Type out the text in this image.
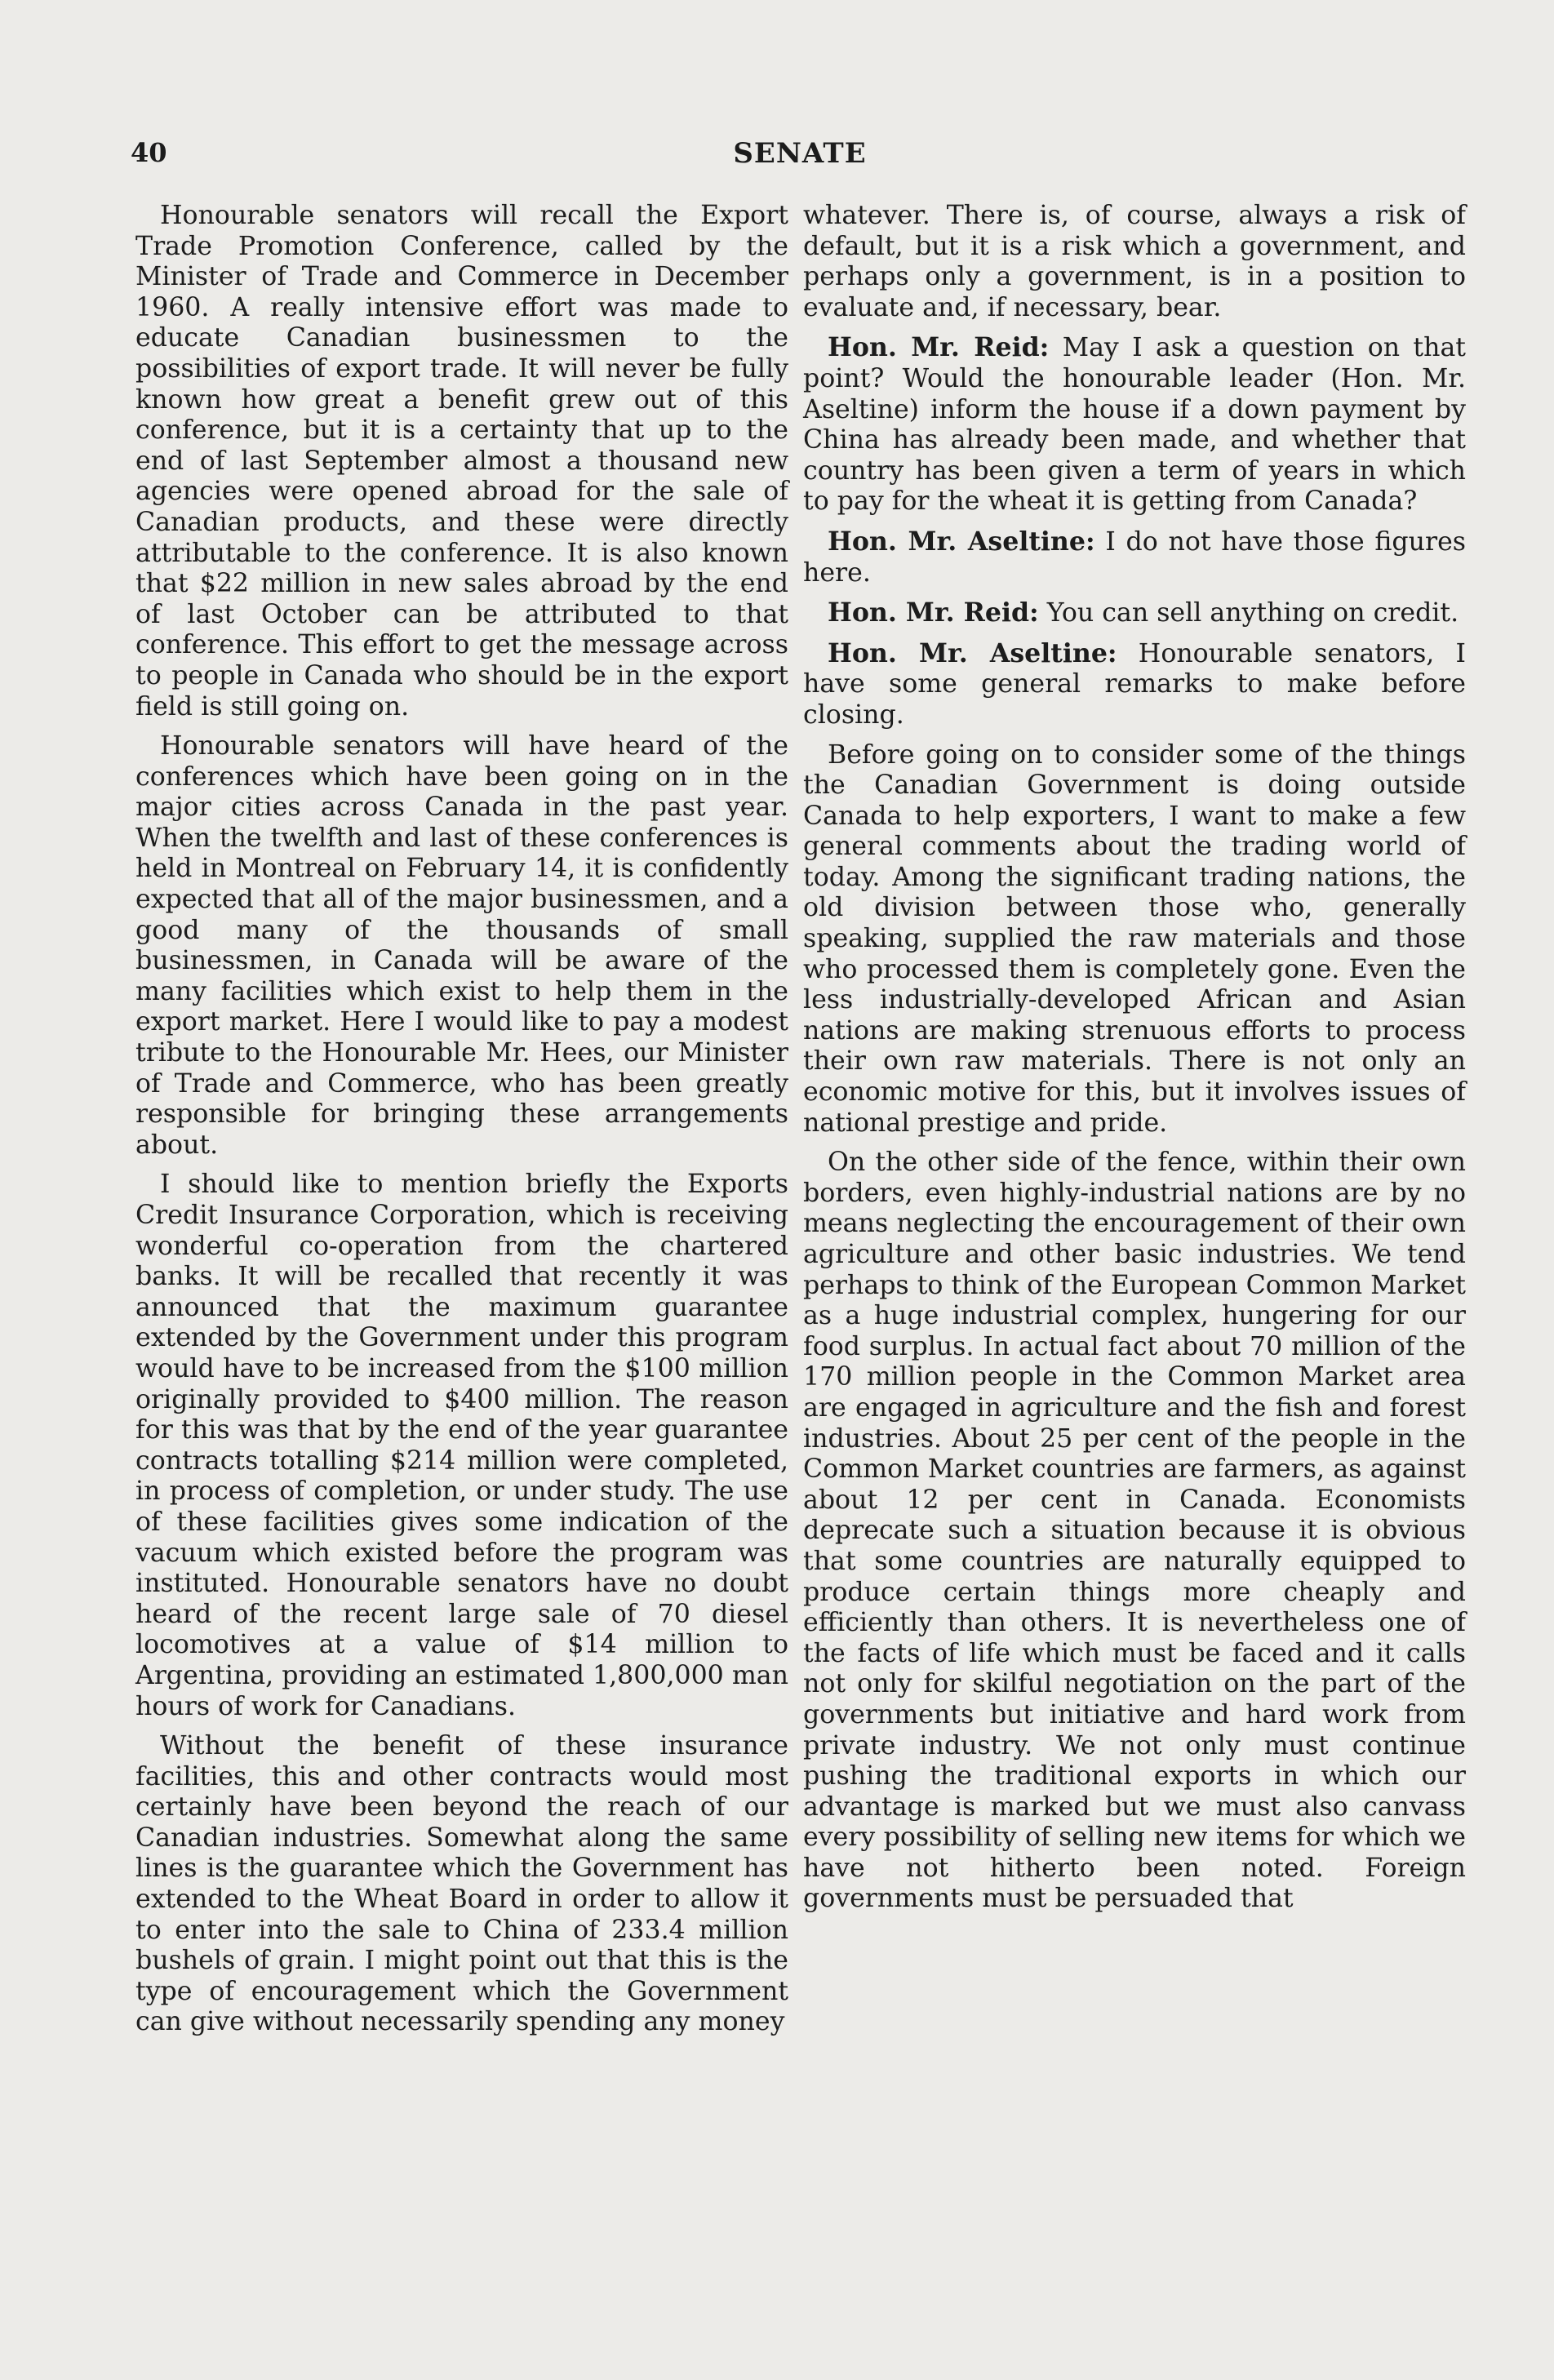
40	SENATE

Honourable senators will recall the Export Trade Promotion Conference, called by the Minister of Trade and Commerce in December 1960. A really intensive effort was made to educate Canadian businessmen to the possibilities of export trade. It will never be fully known how great a benefit grew out of this conference, but it is a certainty that up to the end of last September almost a thousand new agencies were opened abroad for the sale of Canadian products, and these were directly attributable to the conference. It is also known that $22 million in new sales abroad by the end of last October can be attributed to that conference. This effort to get the message across to people in Canada who should be in the export field is still going on.

Honourable senators will have heard of the conferences which have been going on in the major cities across Canada in the past year. When the twelfth and last of these conferences is held in Montreal on February 14, it is confidently expected that all of the major businessmen, and a good many of the thousands of small businessmen, in Canada will be aware of the many facilities which exist to help them in the export market. Here I would like to pay a modest tribute to the Honourable Mr. Hees, our Minister of Trade and Commerce, who has been greatly responsible for bringing these arrangements about.

I should like to mention briefly the Exports Credit Insurance Corporation, which is receiving wonderful co-operation from the chartered banks. It will be recalled that recently it was announced that the maximum guarantee extended by the Government under this program would have to be increased from the $100 million originally provided to $400 million. The reason for this was that by the end of the year guarantee contracts totalling $214 million were completed, in process of completion, or under study. The use of these facilities gives some indication of the vacuum which existed before the program was instituted. Honourable senators have no doubt heard of the recent large sale of 70 diesel locomotives at a value of $14 million to Argentina, providing an estimated 1,800,000 man hours of work for Canadians.

Without the benefit of these insurance facilities, this and other contracts would most certainly have been beyond the reach of our Canadian industries. Somewhat along the same lines is the guarantee which the Government has extended to the Wheat Board in order to allow it to enter into the sale to China of 233.4 million bushels of grain. I might point out that this is the type of encouragement which the Government can give without necessarily spending any money

whatever. There is, of course, always a risk of default, but it is a risk which a government, and perhaps only a government, is in a position to evaluate and, if necessary, bear.

Hon. Mr. Reid: May I ask a question on that point? Would the honourable leader (Hon. Mr. Aseltine) inform the house if a down payment by China has already been made, and whether that country has been given a term of years in which to pay for the wheat it is getting from Canada?

Hon. Mr. Aseltine: I do not have those figures here.

Hon. Mr. Reid: You can sell anything on credit.

Hon. Mr. Aseltine: Honourable senators, I have some general remarks to make before closing.

Before going on to consider some of the things the Canadian Government is doing outside Canada to help exporters, I want to make a few general comments about the trading world of today. Among the significant trading nations, the old division between those who, generally speaking, supplied the raw materials and those who processed them is completely gone. Even the less industrially-developed African and Asian nations are making strenuous efforts to process their own raw materials. There is not only an economic motive for this, but it involves issues of national prestige and pride.

On the other side of the fence, within their own borders, even highly-industrial nations are by no means neglecting the encouragement of their own agriculture and other basic industries. We tend perhaps to think of the European Common Market as a huge industrial complex, hungering for our food surplus. In actual fact about 70 million of the 170 million people in the Common Market area are engaged in agriculture and the fish and forest industries. About 25 per cent of the people in the Common Market countries are farmers, as against about 12 per cent in Canada. Economists deprecate such a situation because it is obvious that some countries are naturally equipped to produce certain things more cheaply and efficiently than others. It is nevertheless one of the facts of life which must be faced and it calls not only for skilful negotiation on the part of the governments but initiative and hard work from private industry. We not only must continue pushing the traditional exports in which our advantage is marked but we must also canvass every possibility of selling new items for which we have not hitherto been noted. Foreign governments must be persuaded that
